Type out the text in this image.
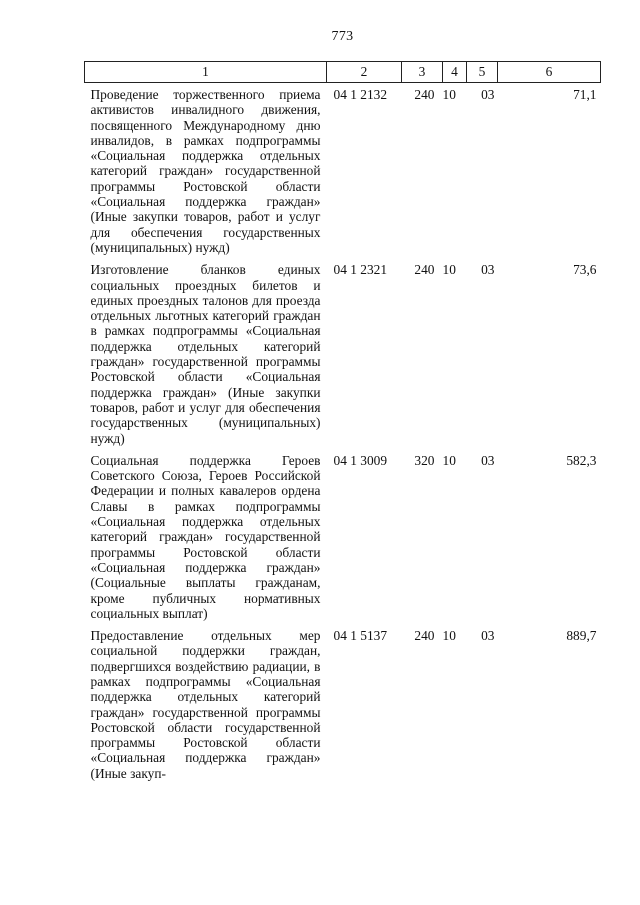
773
1	2	3	4	5	6
Проведение торжественного приема активистов инвалидного движения, посвященного Международному дню инвалидов, в рамках подпрограммы «Социальная поддержка отдельных категорий граждан» государственной программы Ростовской области «Социальная поддержка граждан» (Иные закупки товаров, работ и услуг для обеспечения государственных (муниципальных) нужд)	04 1 2132	240	10	03	71,1
Изготовление бланков единых социальных проездных билетов и единых проездных талонов для проезда отдельных льготных категорий граждан в рамках подпрограммы «Социальная поддержка отдельных категорий граждан» государственной программы Ростовской области «Социальная поддержка граждан» (Иные закупки товаров, работ и услуг для обеспечения государственных (муниципальных) нужд)	04 1 2321	240	10	03	73,6
Социальная поддержка Героев Советского Союза, Героев Российской Федерации и полных кавалеров ордена Славы в рамках подпрограммы «Социальная поддержка отдельных категорий граждан» государственной программы Ростовской области «Социальная поддержка граждан» (Социальные выплаты гражданам, кроме публичных нормативных социальных выплат)	04 1 3009	320	10	03	582,3
Предоставление отдельных мер социальной поддержки граждан, подвергшихся воздействию радиации, в рамках подпрограммы «Социальная поддержка отдельных категорий граждан» государственной программы Ростовской области государственной программы Ростовской области «Социальная поддержка граждан» (Иные закуп-	04 1 5137	240	10	03	889,7
